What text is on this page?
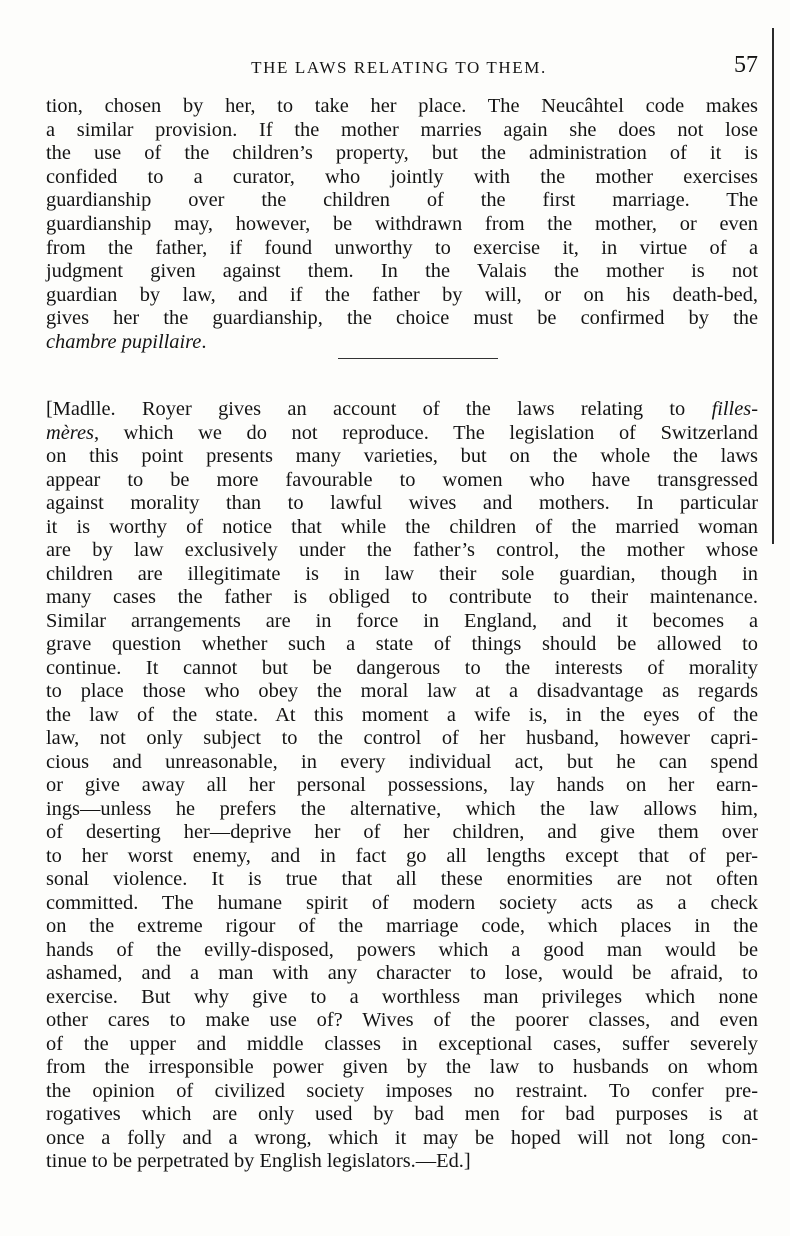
THE LAWS RELATING TO THEM.	57
tion, chosen by her, to take her place. The Neucâhtel code makes
a similar provision. If the mother marries again she does not lose
the use of the children’s property, but the administration of it is
confided to a curator, who jointly with the mother exercises
guardianship over the children of the first marriage. The
guardianship may, however, be withdrawn from the mother, or even
from the father, if found unworthy to exercise it, in virtue of a
judgment given against them. In the Valais the mother is not
guardian by law, and if the father by will, or on his death-bed,
gives her the guardianship, the choice must be confirmed by the
chambre pupillaire.
[Madlle. Royer gives an account of the laws relating to filles-
mères, which we do not reproduce. The legislation of Switzerland
on this point presents many varieties, but on the whole the laws
appear to be more favourable to women who have transgressed
against morality than to lawful wives and mothers. In particular
it is worthy of notice that while the children of the married woman
are by law exclusively under the father’s control, the mother whose
children are illegitimate is in law their sole guardian, though in
many cases the father is obliged to contribute to their maintenance.
Similar arrangements are in force in England, and it becomes a
grave question whether such a state of things should be allowed to
continue. It cannot but be dangerous to the interests of morality
to place those who obey the moral law at a disadvantage as regards
the law of the state. At this moment a wife is, in the eyes of the
law, not only subject to the control of her husband, however capri-
cious and unreasonable, in every individual act, but he can spend
or give away all her personal possessions, lay hands on her earn-
ings—unless he prefers the alternative, which the law allows him,
of deserting her—deprive her of her children, and give them over
to her worst enemy, and in fact go all lengths except that of per-
sonal violence. It is true that all these enormities are not often
committed. The humane spirit of modern society acts as a check
on the extreme rigour of the marriage code, which places in the
hands of the evilly-disposed, powers which a good man would be
ashamed, and a man with any character to lose, would be afraid, to
exercise. But why give to a worthless man privileges which none
other cares to make use of? Wives of the poorer classes, and even
of the upper and middle classes in exceptional cases, suffer severely
from the irresponsible power given by the law to husbands on whom
the opinion of civilized society imposes no restraint. To confer pre-
rogatives which are only used by bad men for bad purposes is at
once a folly and a wrong, which it may be hoped will not long con-
tinue to be perpetrated by English legislators.—Ed.]
